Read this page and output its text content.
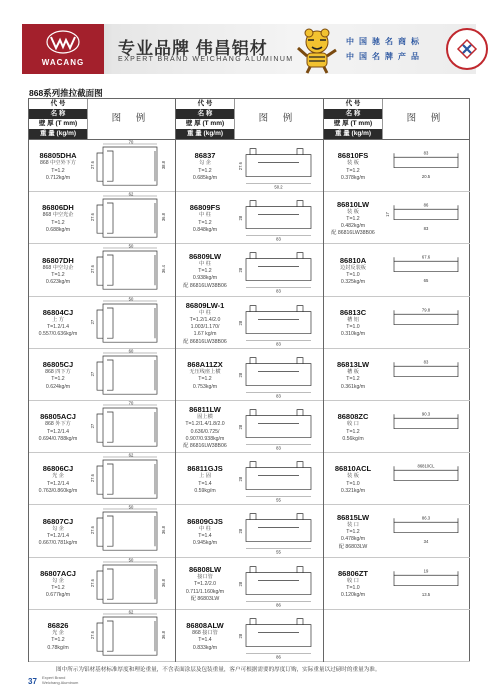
WACANG
专业品牌 伟昌铝材
EXPERT BRAND WEICHANG ALUMINUM
中国驰名商标
中国名牌产品
868系列推拉截面图
代 号
名 称
壁 厚 (T mm)
重 量 (kg/m)
图 例
86805DHA
868 中空外下方
T=1.2
0.712kg/m
70
27.6	38.8
86806DH
868 中空光企
T=1.2
0.688kg/m
62
27.6	36.8
86807DH
868 中空勾企
T=1.2
0.623kg/m
50
27.6	36.4
86804CJ
上 方
T=1.2/1.4
0.557/0.636kg/m
50
27
86805CJ
868 四下方
T=1.2
0.624kg/m
60
27
86805ACJ
868 外下方
T=1.2/1.4
0.694/0.788kg/m
70
27
86806CJ
光 企
T=1.2/1.4
0.763/0.860kg/m
62
27.6
86807CJ
勾 企
T=1.2/1.4
0.667/0.781kg/m
50
27.6	36.8
86807ACJ
勾 企
T=1.2
0.677kg/m
50
27.6	36.8
86826
光 企
T=1.2
0.78kg/m
62
27.6	36.8
代 号
名 称
壁 厚 (T mm)
重 量 (kg/m)
图 例
86837
勾 企
T=1.2
0.685kg/m
50.2
27.6
86809FS
中 柱
T=1.2
0.848kg/m
83
28
86809LW
中 柱
T=1.2
0.938kg/m
配 86816LW38B06
83
28
86809LW-1
中 柱
T=1.2/1.4/2.0
1.003/1.170/
1.67 kg/m
配 86816LW38B06	83
28
868A11ZX
无压线座上横
T=1.2
0.753kg/m
83
28
86811LW
固上横
T=1.2/1.4/1.8/2.0
0.636/0.725/
0.907/0.938kg/m
配 86816LW38B06	83
28
86811GJS
上 固
T=1.4
0.59kg/m
55
28
86809GJS
中 柱
T=1.4
0.945kg/m
55
28
86808LW
接口管
T=1.2/2.0
0.711/1.160kg/m
配 86803LW
86
28
86808ALW
868 接口管
T=1.4
0.833kg/m
86
28
代 号
名 称
壁 厚 (T mm)
重 量 (kg/m)
图 例
86810FS
装 板
T=1.2
0.378kg/m
83
20.5
86810LW
装 板
T=1.2
0.482kg/m
配 86816LW38B06
86
83
17
86810A
边封反装板
T=1.0
0.325kg/m
67.6
65
86813C
槽 铝
T=1.0
0.310kg/m
79.8
86813LW
槽 板
T=1.2
0.361kg/m
83
86808ZC
收 口
T=1.2
0.56kg/m
90.3
86810ACL
装 板
T=1.0
0.321kg/m
86810CL
86815LW
装 口
T=1.2
0.478kg/m
配 86803LW
86.3
34
86806ZT
收 口
T=1.0
0.120kg/m
19
13.5
图中所示为铝材基材标准厚度和理论重量，不含表面涂层及包装重量，客户可根据需要的厚度订购，实际重量以过磅时的重量为准。
37 Expert Brand
Weichang Aluminum
